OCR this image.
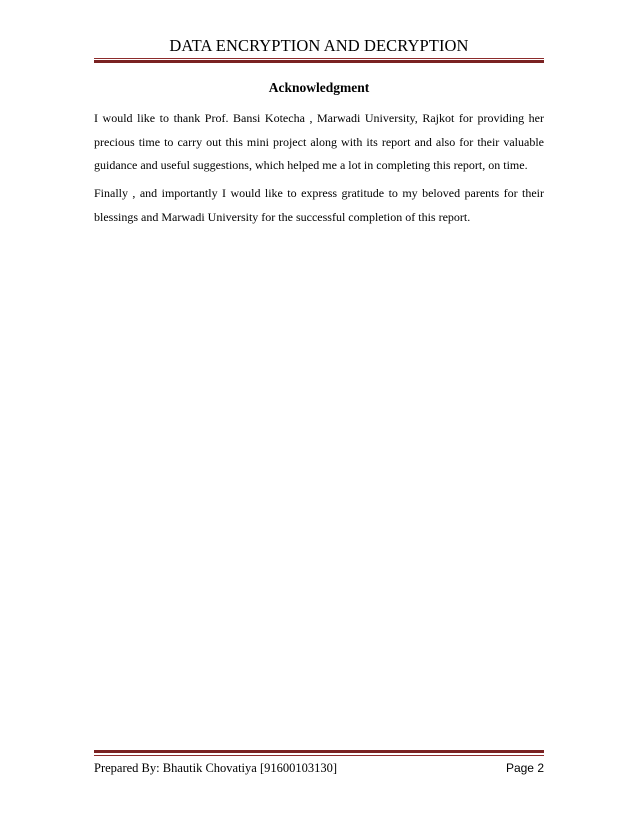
DATA ENCRYPTION AND DECRYPTION
Acknowledgment

I would like to thank Prof. Bansi Kotecha , Marwadi University, Rajkot for providing her precious time to carry out this mini project along with its report and also for their valuable guidance and useful suggestions, which helped me a lot in completing this report, on time.

Finally , and importantly I would like to express gratitude to my beloved parents for their blessings and Marwadi University for the successful completion of this report.

Prepared By: Bhautik Chovatiya [91600103130]	Page 2
